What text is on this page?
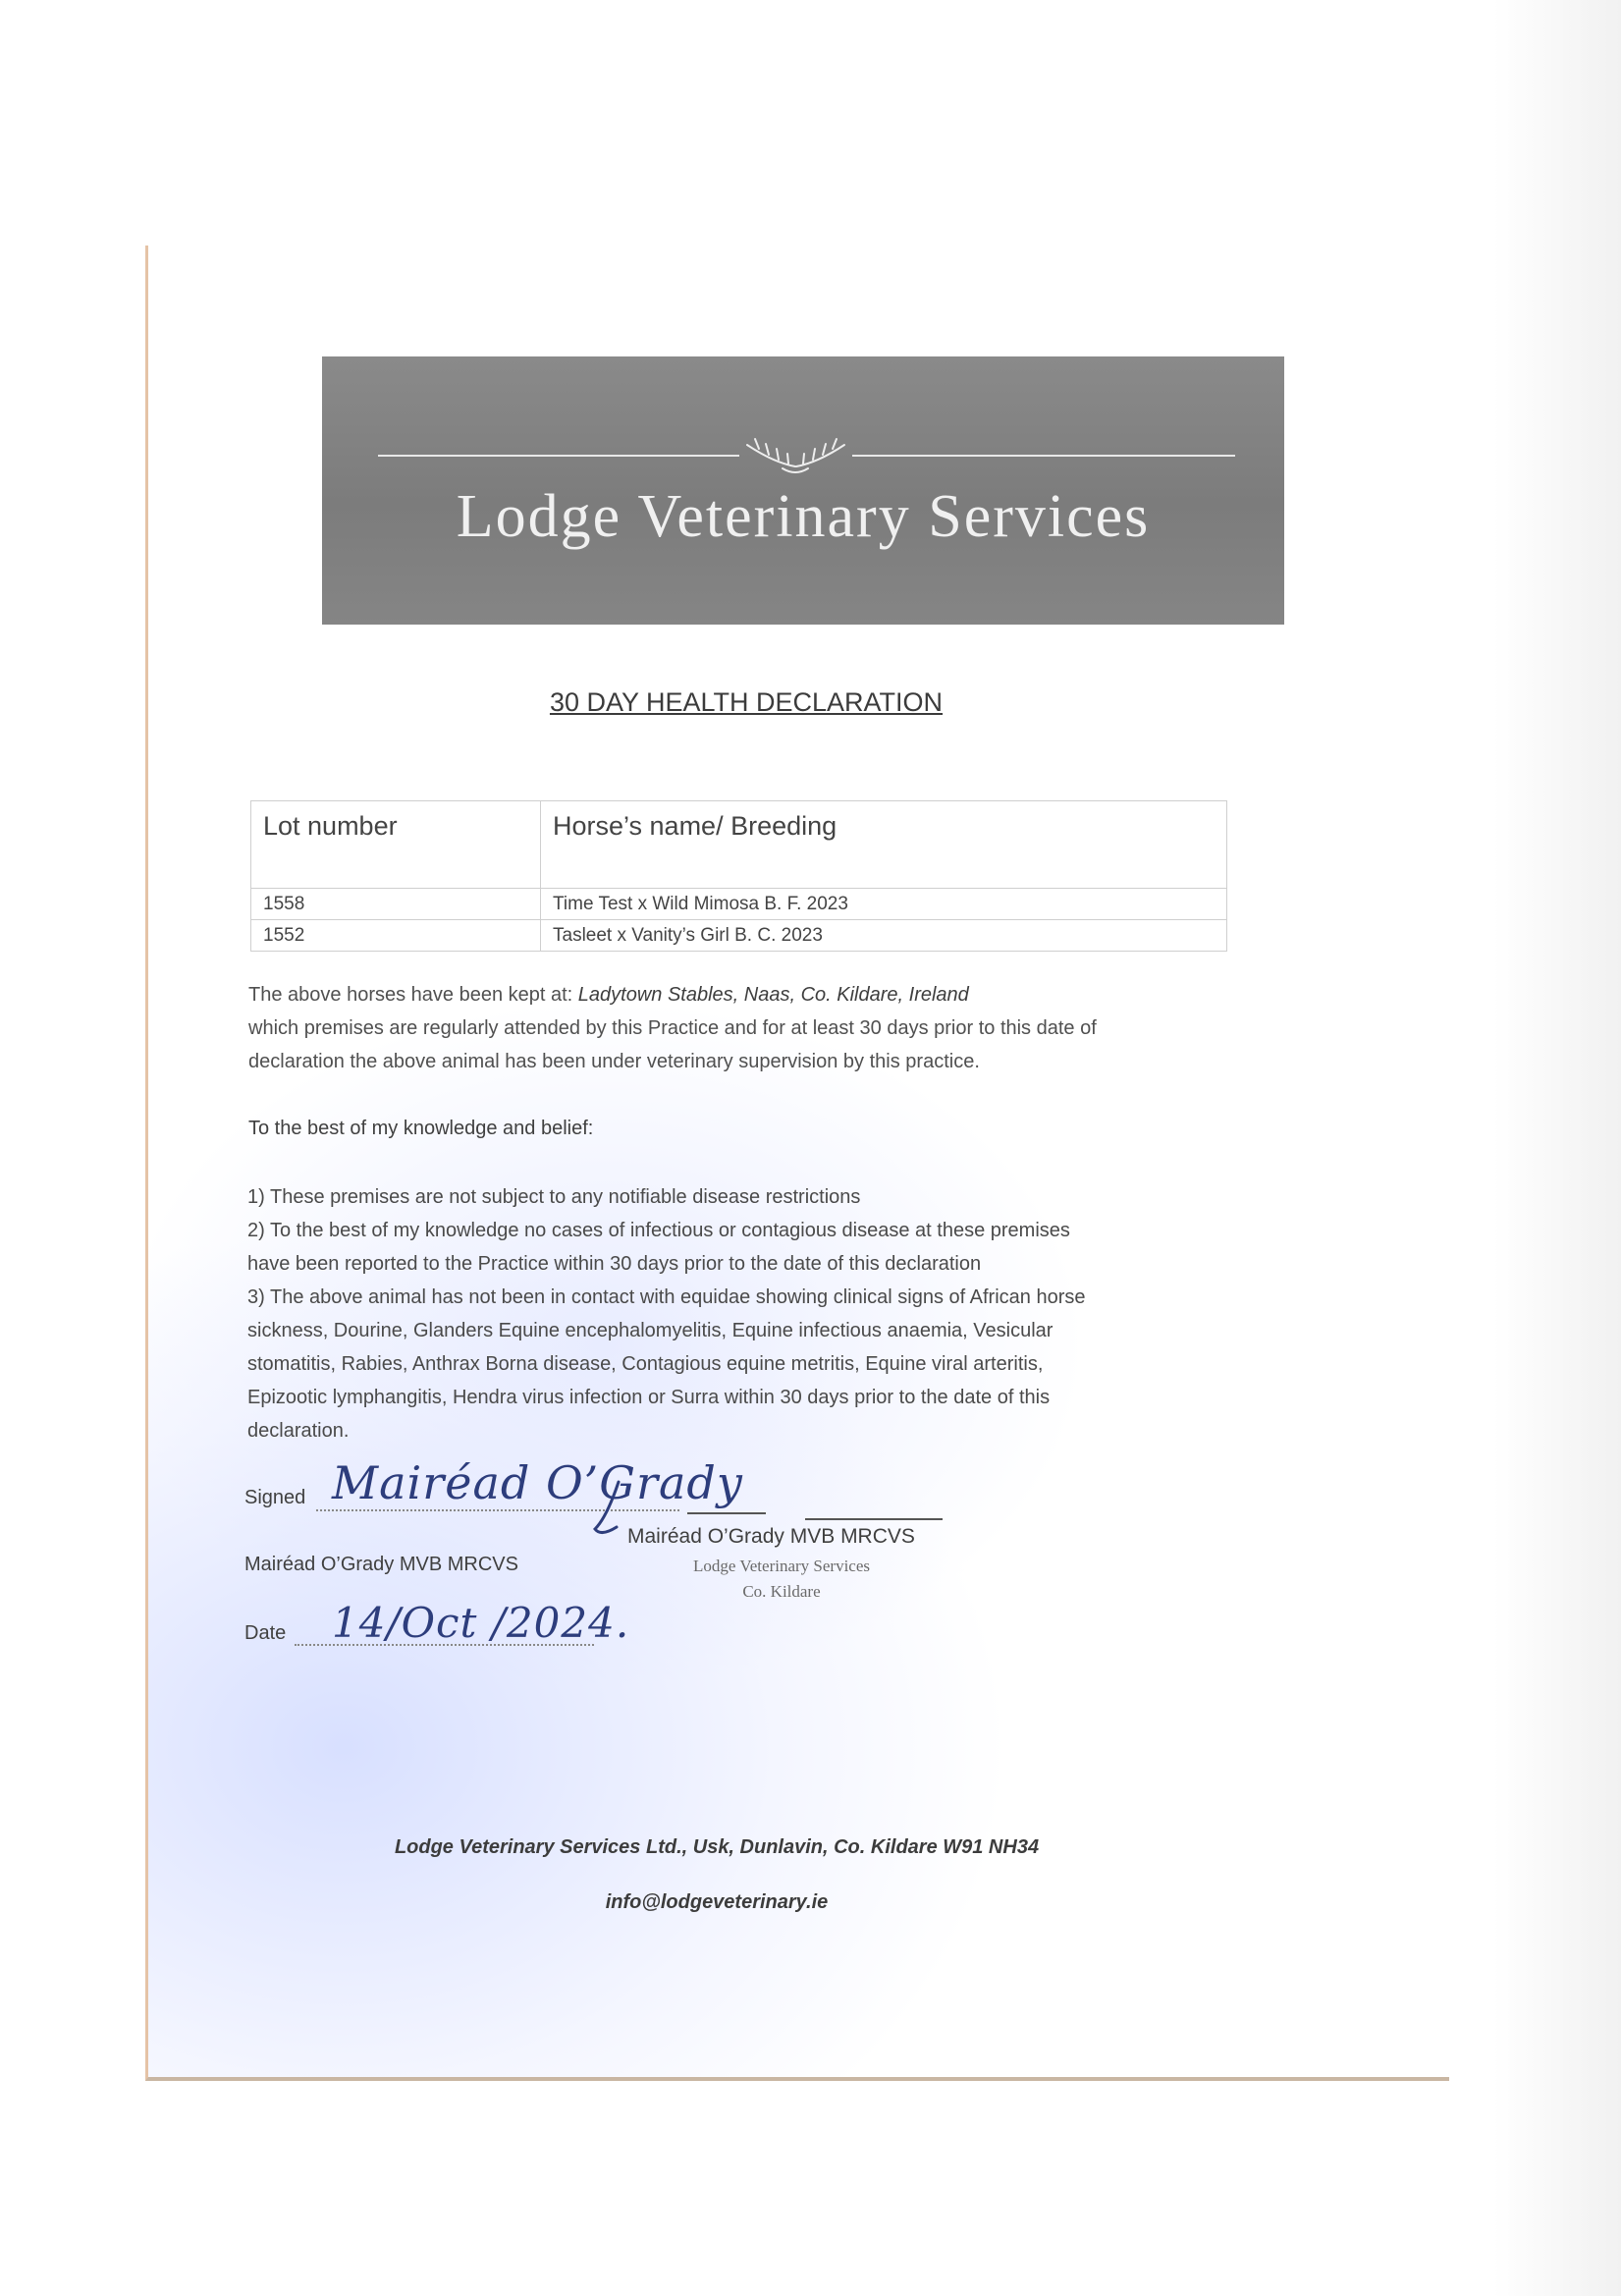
Lodge Veterinary Services
30 DAY HEALTH DECLARATION
Lot number	Horse’s name/ Breeding
1558	Time Test x Wild Mimosa B. F. 2023
1552	Tasleet x Vanity’s Girl B. C. 2023
The above horses have been kept at: Ladytown Stables, Naas, Co. Kildare, Ireland
which premises are regularly attended by this Practice and for at least 30 days prior to this date of
declaration the above animal has been under veterinary supervision by this practice.
To the best of my knowledge and belief:
1) These premises are not subject to any notifiable disease restrictions
2) To the best of my knowledge no cases of infectious or contagious disease at these premises
have been reported to the Practice within 30 days prior to the date of this declaration
3) The above animal has not been in contact with equidae showing clinical signs of African horse
sickness, Dourine, Glanders Equine encephalomyelitis, Equine infectious anaemia, Vesicular
stomatitis, Rabies, Anthrax Borna disease, Contagious equine metritis, Equine viral arteritis,
Epizootic lymphangitis, Hendra virus infection or Surra within 30 days prior to the date of this
declaration.
Signed Mairéad O’Grady
Mairéad O’Grady MVB MRCVS
Lodge Veterinary Services
Co. Kildare
Mairéad O’Grady MVB MRCVS
Date 14/Oct /2024.
Lodge Veterinary Services Ltd., Usk, Dunlavin, Co. Kildare W91 NH34
info@lodgeveterinary.ie
